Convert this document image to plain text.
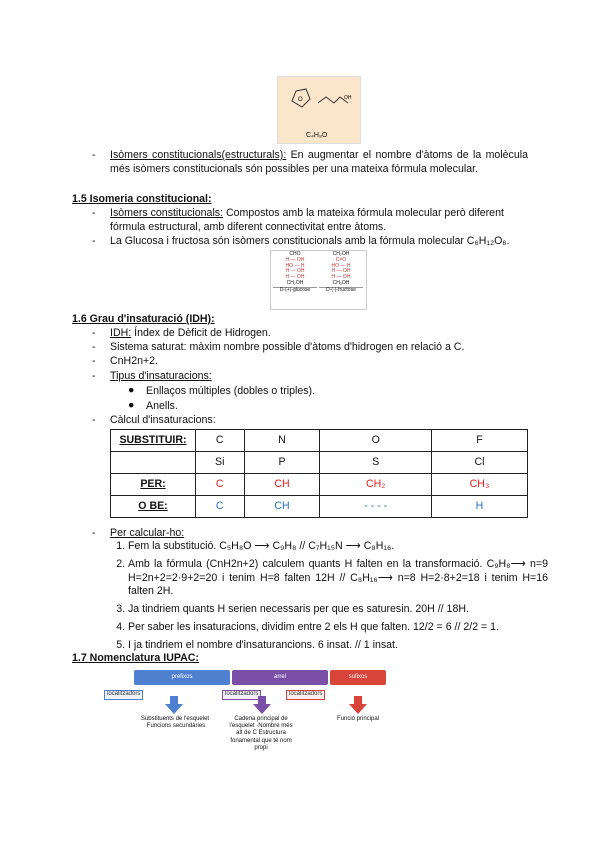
O	OH
C₄H₈O
- Isòmers constitucionals(estructurals): En augmentar el nombre d'àtoms de la molècula més isòmers constitucionals són possibles per una mateixa fórmula molecular.
1.5 Isomeria constitucional:
- Isòmers constitucionals: Compostos amb la mateixa fórmula molecular però diferent fórmula estructural, amb diferent connectivitat entre àtoms.
- La Glucosa i fructosa són isòmers constitucionals amb la fórmula molecular C₆H₁₂O₆.
CHO
H — OH
HO — H
H — OH
H — OH
CH₂OH
D-(+)-glucose
CH₂OH
C=O
HO — H
H — OH
H — OH
CH₂OH
D-(-)-fructose
1.6 Grau d'insaturació (IDH):
- IDH: Índex de Dèficit de Hidrogen.
- Sistema saturat: màxim nombre possible d'àtoms d'hidrogen en relació a C.
- CnH2n+2.
- Tipus d'insaturacions:
● Enllaços múltiples (dobles o triples).
● Anells.
- Càlcul d'insaturacions:
SUBSTITUIR:	C	N	O	F
	Si	P	S	Cl
PER:	C	CH	CH₂	CH₃
O BE:	C	CH	- - - -	H
- Per calcular-ho:
1. Fem la substitució. C₅H₈O ⟶ C₉H₈ // C₇H₁₅N ⟶ C₈H₁₆.
2. Amb la fórmula (CnH2n+2) calculem quants H falten en la transformació. C₉H₈⟶ n=9 H=2n+2=2·9+2=20 i tenim H=8 falten 12H // C₈H₁₆⟶ n=8 H=2·8+2=18 i tenim H=16 falten 2H.
3. Ja tindriem quants H serien necessaris per que es saturesin. 20H // 18H.
4. Per saber les insaturacions, dividim entre 2 els H que falten. 12/2 = 6 // 2/2 = 1.
5. I ja tindriem el nombre d'insaturancions. 6 insat. // 1 insat.
1.7 Nomenclatura IUPAC:
prefixos	arrel	sufixos
localitzadors	localitzadors	localitzadors
Substituents de l'esquelet ·Funcions secundàries
Cadena principal de l'esquelet ·Nombre més alt de C Estructura fonamental que té nom propi
Funció principal
